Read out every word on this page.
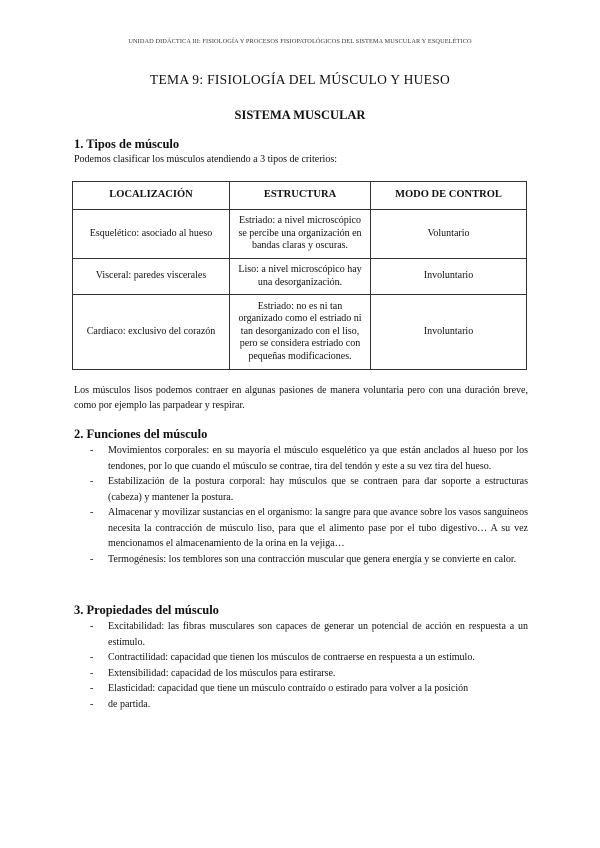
UNIDAD DIDÁCTICA III: FISIOLOGÍA Y PROCESOS FISIOPATOLÓGICOS DEL SISTEMA MUSCULAR Y ESQUELÉTICO
TEMA 9: FISIOLOGÍA DEL MÚSCULO Y HUESO
SISTEMA MUSCULAR
1. Tipos de músculo
Podemos clasificar los músculos atendiendo a 3 tipos de criterios:
LOCALIZACIÓN	ESTRUCTURA	MODO DE CONTROL
Esquelético: asociado al hueso	Estriado: a nivel microscópico se percibe una organización en bandas claras y oscuras.	Voluntario
Visceral: paredes viscerales	Liso: a nivel microscópico hay una desorganización.	Involuntario
Cardiaco: exclusivo del corazón	Estriado: no es ni tan organizado como el estriado ni tan desorganizado con el liso, pero se considera estriado con pequeñas modificaciones.	Involuntario
Los músculos lisos podemos contraer en algunas pasiones de manera voluntaria pero con una duración breve, como por ejemplo las parpadear y respirar.
2. Funciones del músculo
- Movimientos corporales: en su mayoría el músculo esquelético ya que están anclados al hueso por los tendones, por lo que cuando el músculo se contrae, tira del tendón y este a su vez tira del hueso.
- Estabilización de la postura corporal: hay músculos que se contraen para dar soporte a estructuras (cabeza) y mantener la postura.
- Almacenar y movilizar sustancias en el organismo: la sangre para que avance sobre los vasos sanguíneos necesita la contracción de músculo liso, para que el alimento pase por el tubo digestivo… A su vez mencionamos el almacenamiento de la orina en la vejiga…
- Termogénesis: los temblores son una contracción muscular que genera energía y se convierte en calor.
3. Propiedades del músculo
- Excitabilidad: las fibras musculares son capaces de generar un potencial de acción en respuesta a un estímulo.
- Contractilidad: capacidad que tienen los músculos de contraerse en respuesta a un estímulo.
- Extensibilidad: capacidad de los músculos para estirarse.
- Elasticidad: capacidad que tiene un músculo contraído o estirado para volver a la posición
- de partida.
